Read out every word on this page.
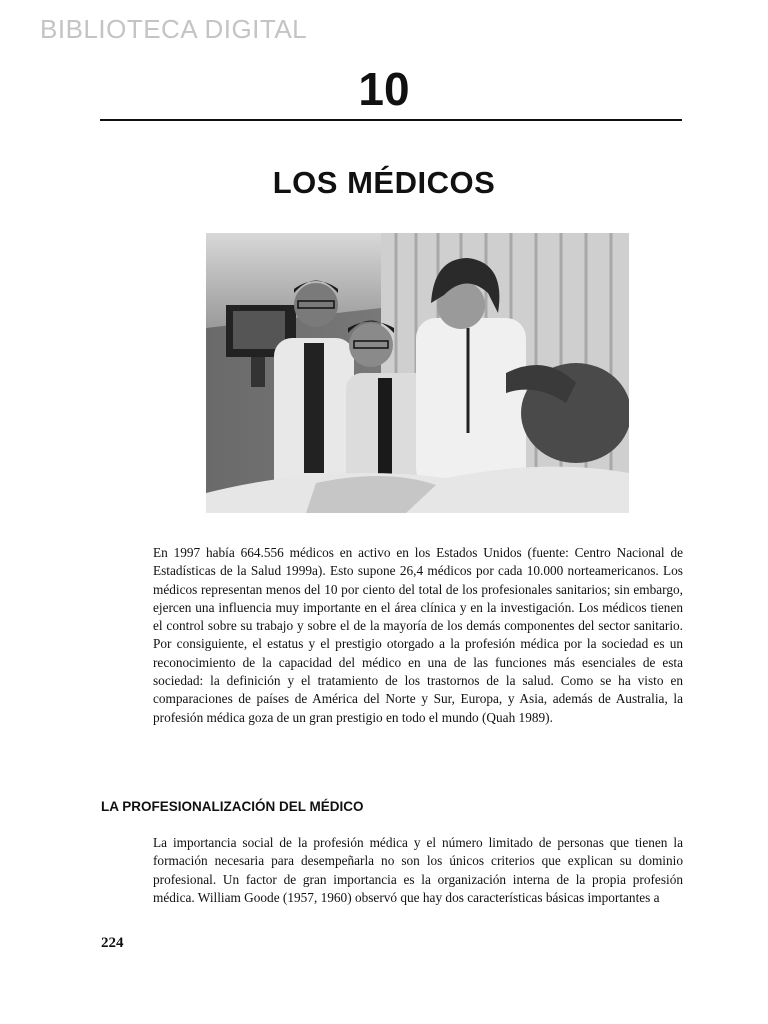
BIBLIOTECA DIGITAL
10
LOS MÉDICOS

En 1997 había 664.556 médicos en activo en los Estados Unidos (fuente: Centro Nacional de Estadísticas de la Salud 1999a). Esto supone 26,4 médicos por cada 10.000 norteamericanos. Los médicos representan menos del 10 por ciento del total de los profesionales sanitarios; sin embargo, ejercen una influencia muy importante en el área clínica y en la investigación. Los médicos tienen el control sobre su trabajo y sobre el de la mayoría de los demás componentes del sector sanitario. Por consiguiente, el estatus y el prestigio otorgado a la profesión médica por la sociedad es un reconocimiento de la capacidad del médico en una de las funciones más esenciales de esta sociedad: la definición y el tratamiento de los trastornos de la salud. Como se ha visto en comparaciones de países de América del Norte y Sur, Europa, y Asia, además de Australia, la profesión médica goza de un gran prestigio en todo el mundo (Quah 1989).

LA PROFESIONALIZACIÓN DEL MÉDICO

La importancia social de la profesión médica y el número limitado de personas que tienen la formación necesaria para desempeñarla no son los únicos criterios que explican su dominio profesional. Un factor de gran importancia es la organización interna de la propia profesión médica. William Goode (1957, 1960) observó que hay dos características básicas importantes a

224
